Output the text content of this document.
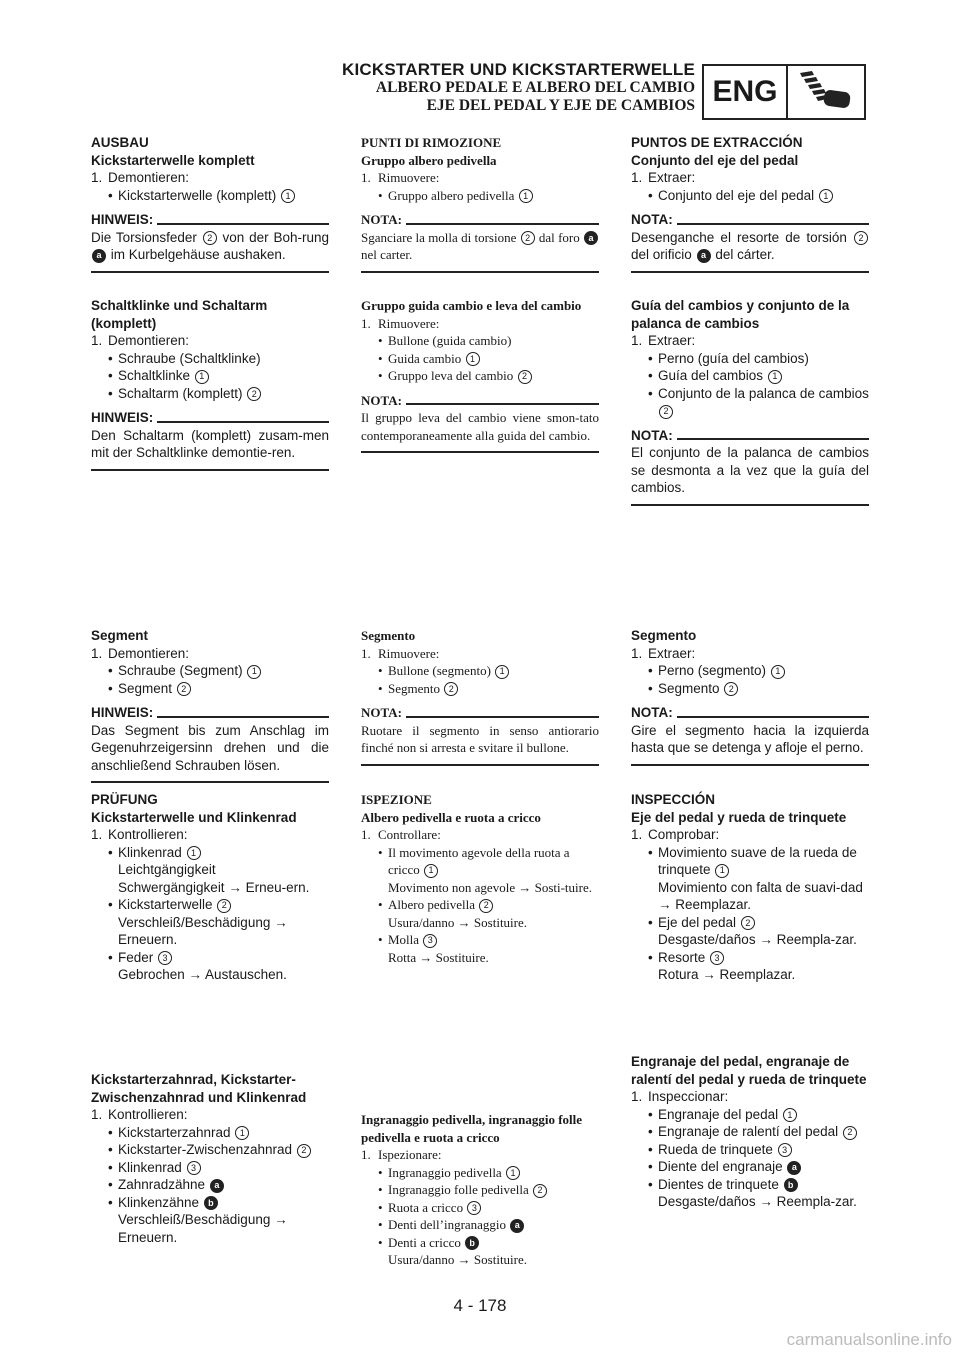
KICKSTARTER UND KICKSTARTERWELLE
ALBERO PEDALE E ALBERO DEL CAMBIO
EJE DEL PEDAL Y EJE DE CAMBIOS ENG
AUSBAU
Kickstarterwelle komplett
1. Demontieren:
• Kickstarterwelle (komplett) 1
HINWEIS:
Die Torsionsfeder 2 von der Boh-rung a im Kurbelgehäuse aushaken.
Schaltklinke und Schaltarm
(komplett)
1. Demontieren:
• Schraube (Schaltklinke)
• Schaltklinke 1
• Schaltarm (komplett) 2
HINWEIS:
Den Schaltarm (komplett) zusam-men mit der Schaltklinke demontie-ren.
Segment
1. Demontieren:
• Schraube (Segment) 1
• Segment 2
HINWEIS:
Das Segment bis zum Anschlag im Gegenuhrzeigersinn drehen und die anschließend Schrauben lösen.
PRÜFUNG
Kickstarterwelle und Klinkenrad
1. Kontrollieren:
• Klinkenrad 1
Leichtgängigkeit
Schwergängigkeit → Erneu-ern.
• Kickstarterwelle 2
Verschleiß/Beschädigung → Erneuern.
• Feder 3
Gebrochen → Austauschen.
Kickstarterzahnrad, Kickstarter-Zwischenzahnrad und Klinkenrad
1. Kontrollieren:
• Kickstarterzahnrad 1
• Kickstarter-Zwischenzahnrad 2
• Klinkenrad 3
• Zahnradzähne a
• Klinkenzähne b
Verschleiß/Beschädigung → Erneuern.
PUNTI DI RIMOZIONE
Gruppo albero pedivella
1. Rimuovere:
• Gruppo albero pedivella 1
NOTA:
Sganciare la molla di torsione 2 dal foro a nel carter.
Gruppo guida cambio e leva del cambio
1. Rimuovere:
• Bullone (guida cambio)
• Guida cambio 1
• Gruppo leva del cambio 2
NOTA:
Il gruppo leva del cambio viene smon-tato contemporaneamente alla guida del cambio.
Segmento
1. Rimuovere:
• Bullone (segmento) 1
• Segmento 2
NOTA:
Ruotare il segmento in senso antiorario finché non si arresta e svitare il bullone.
ISPEZIONE
Albero pedivella e ruota a cricco
1. Controllare:
• Il movimento agevole della ruota a cricco 1
Movimento non agevole → Sosti-tuire.
• Albero pedivella 2
Usura/danno → Sostituire.
• Molla 3
Rotta → Sostituire.
Ingranaggio pedivella, ingranaggio folle pedivella e ruota a cricco
1. Ispezionare:
• Ingranaggio pedivella 1
• Ingranaggio folle pedivella 2
• Ruota a cricco 3
• Denti dell’ingranaggio a
• Denti a cricco b
Usura/danno → Sostituire.
PUNTOS DE EXTRACCIÓN
Conjunto del eje del pedal
1. Extraer:
• Conjunto del eje del pedal 1
NOTA:
Desenganche el resorte de torsión 2 del orificio a del cárter.
Guía del cambios y conjunto de la palanca de cambios
1. Extraer:
• Perno (guía del cambios)
• Guía del cambios 1
• Conjunto de la palanca de cambios 2
NOTA:
El conjunto de la palanca de cambios se desmonta a la vez que la guía del cambios.
Segmento
1. Extraer:
• Perno (segmento) 1
• Segmento 2
NOTA:
Gire el segmento hacia la izquierda hasta que se detenga y afloje el perno.
INSPECCIÓN
Eje del pedal y rueda de trinquete
1. Comprobar:
• Movimiento suave de la rueda de trinquete 1
Movimiento con falta de suavi-dad → Reemplazar.
• Eje del pedal 2
Desgaste/daños → Reempla-zar.
• Resorte 3
Rotura → Reemplazar.
Engranaje del pedal, engranaje de ralentí del pedal y rueda de trinquete
1. Inspeccionar:
• Engranaje del pedal 1
• Engranaje de ralentí del pedal 2
• Rueda de trinquete 3
• Diente del engranaje a
• Dientes de trinquete b
Desgaste/daños → Reempla-zar.
4 - 178
carmanualsonline.info
